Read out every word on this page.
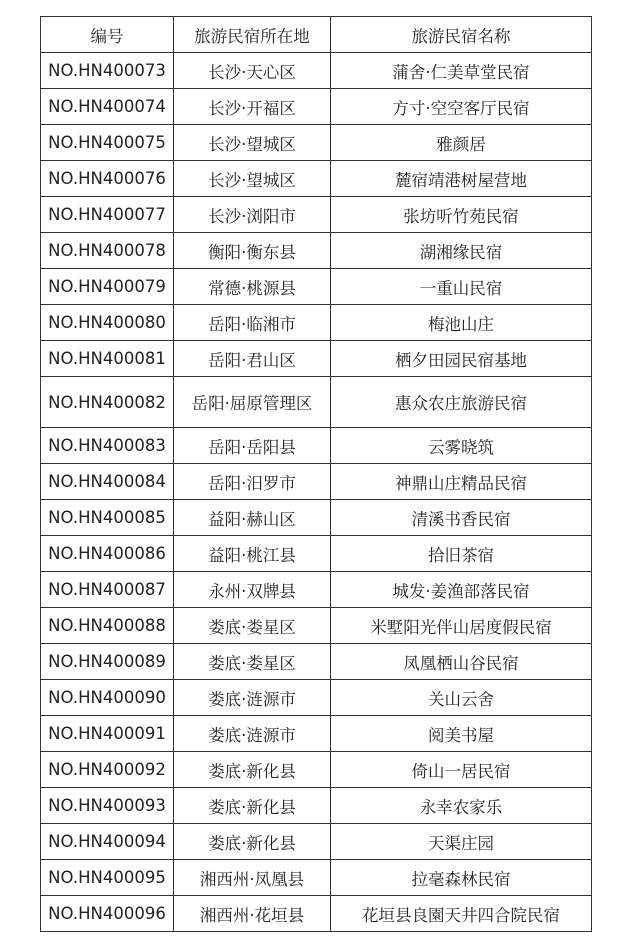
编号	旅游民宿所在地	旅游民宿名称
NO.HN400073	长沙·天心区	蒲舍·仁美草堂民宿
NO.HN400074	长沙·开福区	方寸·空空客厅民宿
NO.HN400075	长沙·望城区	雅颜居
NO.HN400076	长沙·望城区	麓宿靖港树屋营地
NO.HN400077	长沙·浏阳市	张坊听竹苑民宿
NO.HN400078	衡阳·衡东县	湖湘缘民宿
NO.HN400079	常德·桃源县	一重山民宿
NO.HN400080	岳阳·临湘市	梅池山庄
NO.HN400081	岳阳·君山区	栖夕田园民宿基地
NO.HN400082	岳阳·屈原管理区	惠众农庄旅游民宿
NO.HN400083	岳阳·岳阳县	云雾晓筑
NO.HN400084	岳阳·汨罗市	神鼎山庄精品民宿
NO.HN400085	益阳·赫山区	清溪书香民宿
NO.HN400086	益阳·桃江县	拾旧茶宿
NO.HN400087	永州·双牌县	城发·姜渔部落民宿
NO.HN400088	娄底·娄星区	米墅阳光伴山居度假民宿
NO.HN400089	娄底·娄星区	凤凰栖山谷民宿
NO.HN400090	娄底·涟源市	关山云舍
NO.HN400091	娄底·涟源市	阅美书屋
NO.HN400092	娄底·新化县	倚山一居民宿
NO.HN400093	娄底·新化县	永幸农家乐
NO.HN400094	娄底·新化县	天渠庄园
NO.HN400095	湘西州·凤凰县	拉毫森林民宿
NO.HN400096	湘西州·花垣县	花垣县良園天井四合院民宿
